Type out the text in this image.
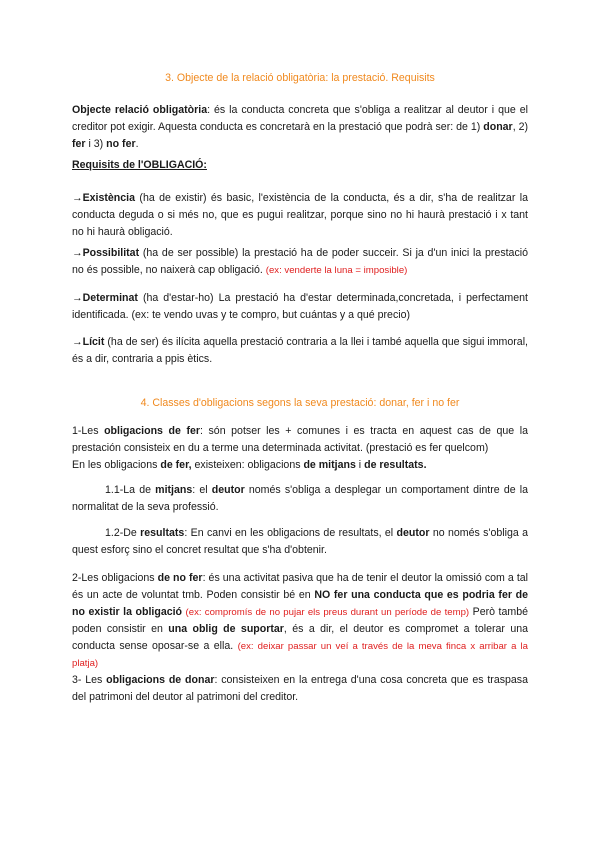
3. Objecte de la relació obligatòria: la prestació. Requisits

Objecte relació obligatòria: és la conducta concreta que s'obliga a realitzar al deutor i que el creditor pot exigir. Aquesta conducta es concretarà en la prestació que podrà ser: de 1) donar, 2) fer i 3) no fer.

Requisits de l'OBLIGACIÓ:

→Existència (ha de existir) és basic, l'existència de la conducta, és a dir, s'ha de realitzar la conducta deguda o si més no, que es pugui realitzar, porque sino no hi haurà prestació i x tant no hi haurà obligació.

→Possibilitat (ha de ser possible) la prestació ha de poder succeir. Si ja d'un inici la prestació no és possible, no naixerà cap obligació. (ex: venderte la luna = imposible)

→Determinat (ha d'estar-ho) La prestació ha d'estar determinada,concretada, i perfectament identificada. (ex: te vendo uvas y te compro, but cuántas y a qué precio)

→Lícit (ha de ser) és ilícita aquella prestació contraria a la llei i també aquella que sigui immoral, és a dir, contraria a ppis ètics.

4. Classes d'obligacions segons la seva prestació: donar, fer i no fer

1-Les obligacions de fer: són potser les + comunes i es tracta en aquest cas de que la prestación consisteix en du a terme una determinada activitat. (prestació es fer quelcom)
En les obligacions de fer, existeixen: obligacions de mitjans i de resultats.

1.1-La de mitjans: el deutor només s'obliga a desplegar un comportament dintre de la normalitat de la seva professió.

1.2-De resultats: En canvi en les obligacions de resultats, el deutor no només s'obliga a quest esforç sino el concret resultat que s'ha d'obtenir.

2-Les obligacions de no fer: és una activitat pasiva que ha de tenir el deutor la omissió com a tal és un acte de voluntat tmb. Poden consistir bé en NO fer una conducta que es podria fer de no existir la obligació (ex: compromís de no pujar els preus durant un període de temp) Però també poden consistir en una oblig de suportar, és a dir, el deutor es compromet a tolerar una conducta sense oposar-se a ella. (ex: deixar passar un veí a través de la meva finca x arribar a la platja)

3- Les obligacions de donar: consisteixen en la entrega d'una cosa concreta que es traspasa del patrimoni del deutor al patrimoni del creditor.
